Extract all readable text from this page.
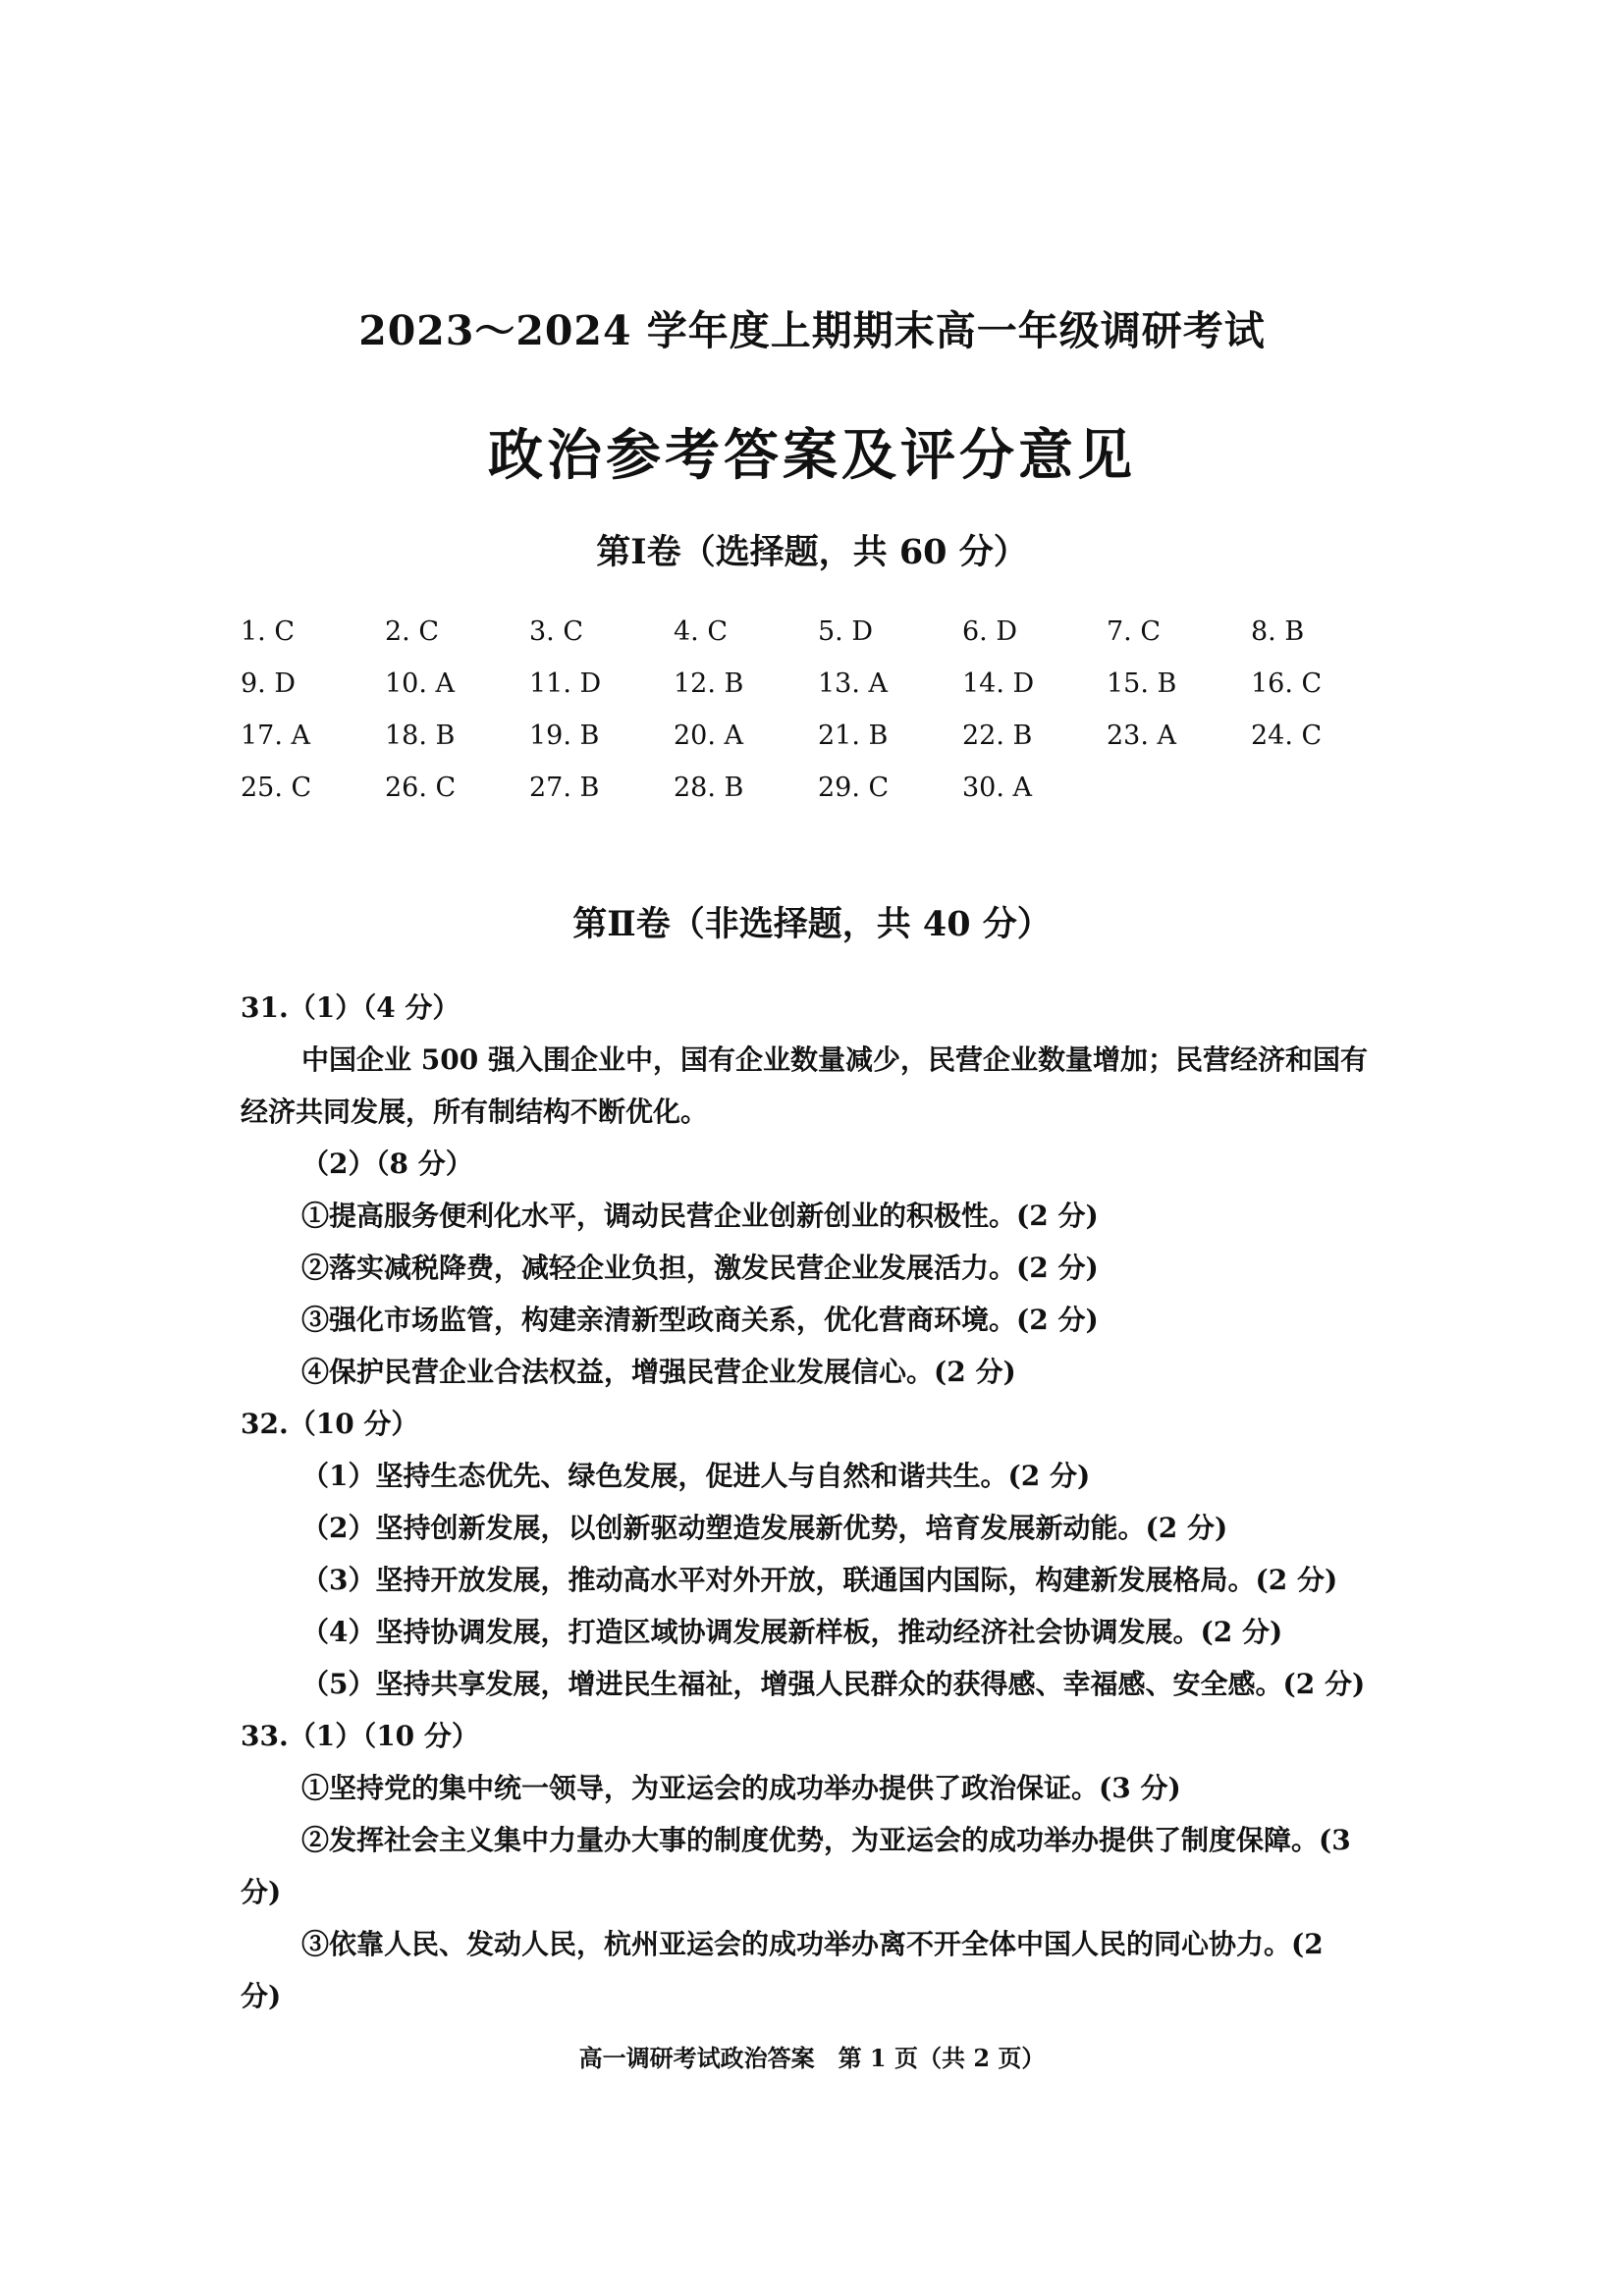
2023～2024 学年度上期期末高一年级调研考试
政治参考答案及评分意见
第Ⅰ卷（选择题，共 60 分）
1. C	2. C	3. C	4. C	5. D	6. D	7. C	8. B
9. D	10. A	11. D	12. B	13. A	14. D	15. B	16. C
17. A	18. B	19. B	20. A	21. B	22. B	23. A	24. C
25. C	26. C	27. B	28. B	29. C	30. A
第Ⅱ卷（非选择题，共 40 分）
31.（1）（4 分）
中国企业 500 强入围企业中，国有企业数量减少，民营企业数量增加；民营经济和国有
经济共同发展，所有制结构不断优化。
（2）（8 分）
①提高服务便利化水平，调动民营企业创新创业的积极性。(2 分)
②落实减税降费，减轻企业负担，激发民营企业发展活力。(2 分)
③强化市场监管，构建亲清新型政商关系，优化营商环境。(2 分)
④保护民营企业合法权益，增强民营企业发展信心。(2 分)
32.（10 分）
（1）坚持生态优先、绿色发展，促进人与自然和谐共生。(2 分)
（2）坚持创新发展，以创新驱动塑造发展新优势，培育发展新动能。(2 分)
（3）坚持开放发展，推动高水平对外开放，联通国内国际，构建新发展格局。(2 分)
（4）坚持协调发展，打造区域协调发展新样板，推动经济社会协调发展。(2 分)
（5）坚持共享发展，增进民生福祉，增强人民群众的获得感、幸福感、安全感。(2 分)
33.（1）（10 分）
①坚持党的集中统一领导，为亚运会的成功举办提供了政治保证。(3 分)
②发挥社会主义集中力量办大事的制度优势，为亚运会的成功举办提供了制度保障。(3
分)
③依靠人民、发动人民，杭州亚运会的成功举办离不开全体中国人民的同心协力。(2
分)
高一调研考试政治答案　第 1 页（共 2 页）
